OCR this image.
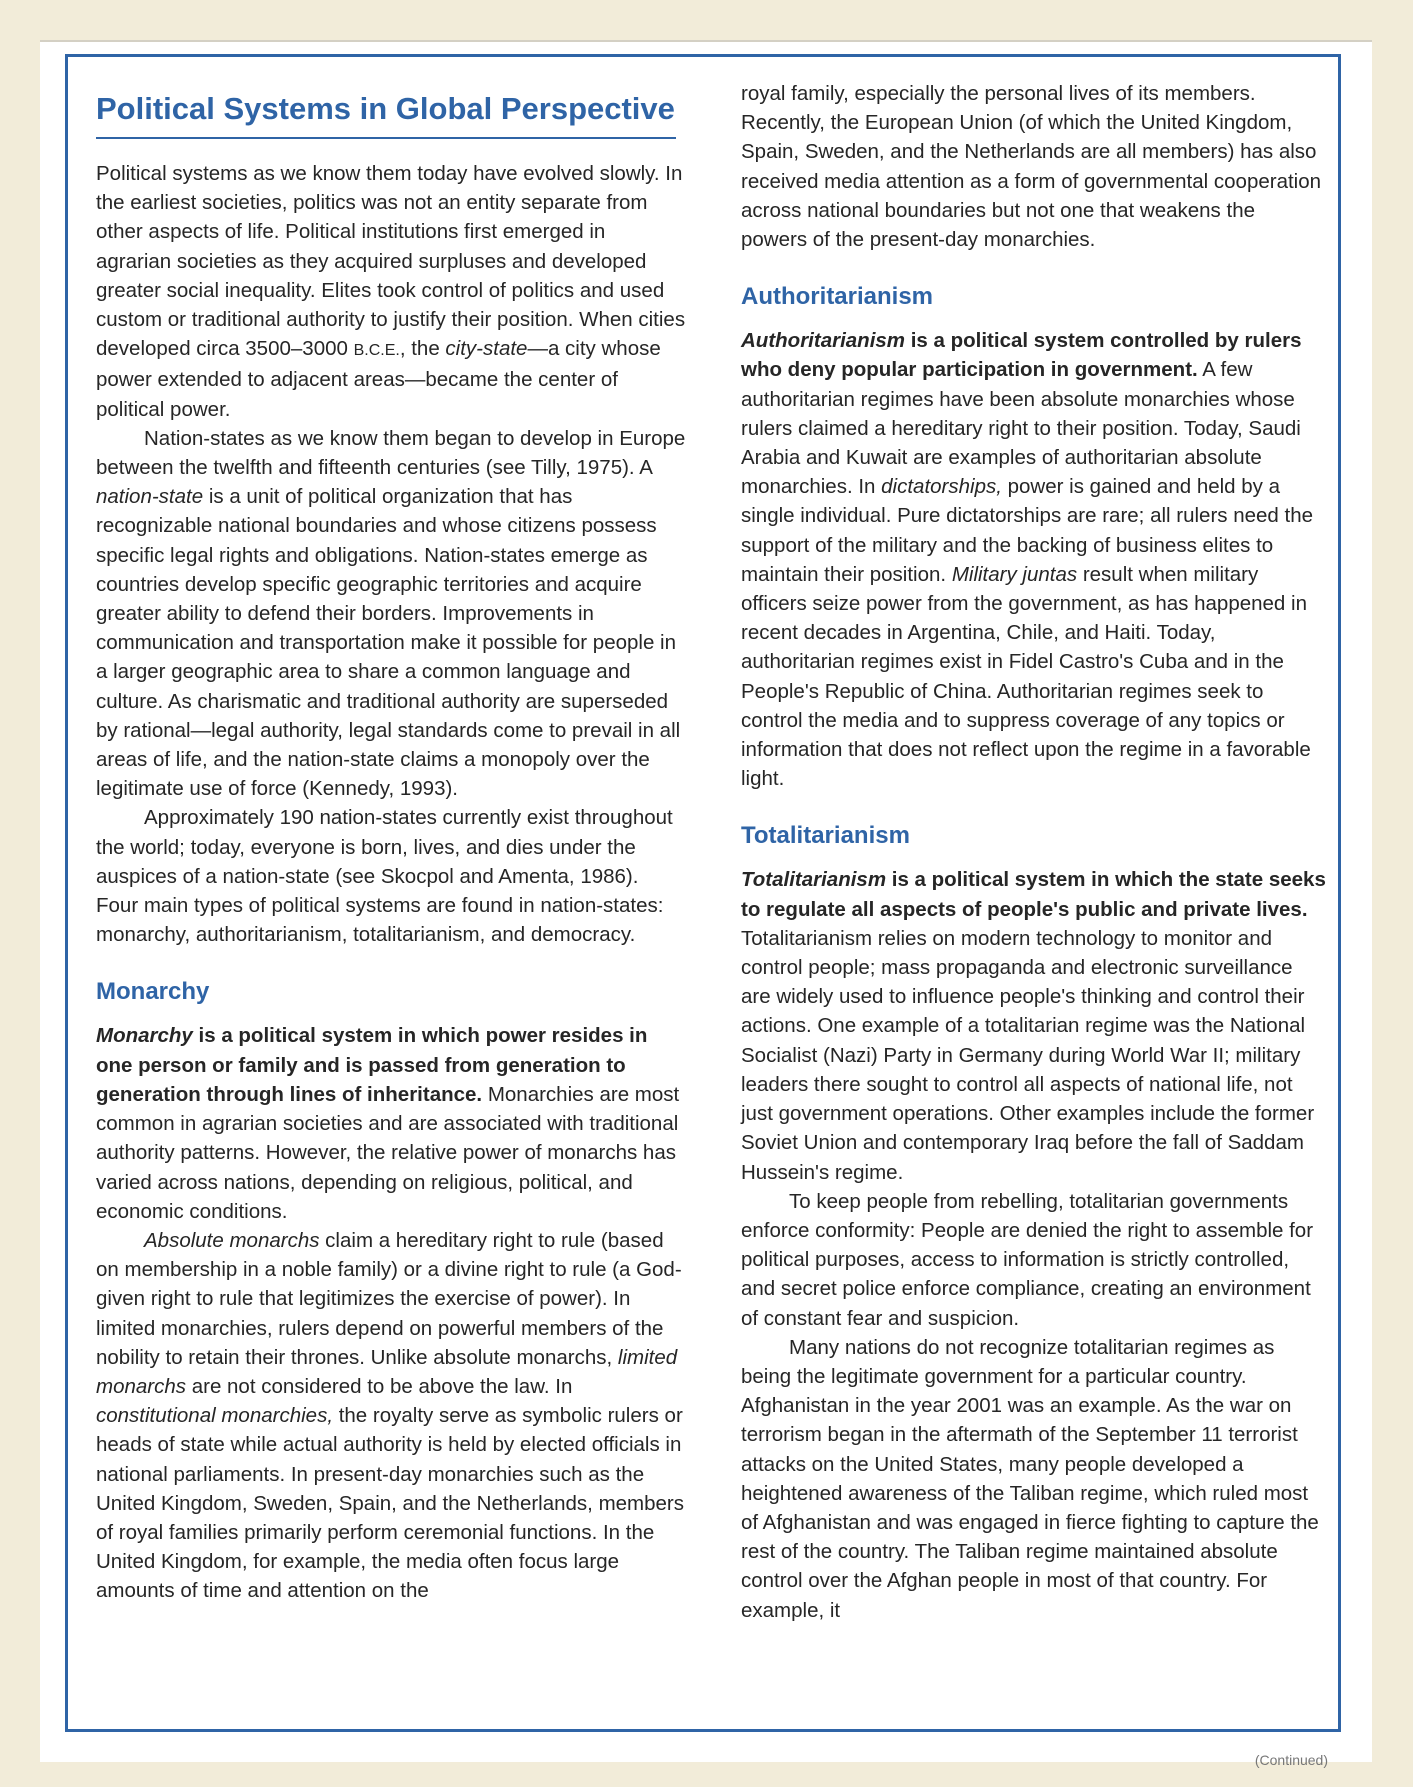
Political Systems in Global Perspective

Political systems as we know them today have evolved slowly. In the earliest societies, politics was not an entity separate from other aspects of life. Political institutions first emerged in agrarian societies as they acquired surpluses and developed greater social inequality. Elites took control of politics and used custom or traditional authority to justify their position. When cities developed circa 3500–3000 B.C.E., the city-state—a city whose power extended to adjacent areas—became the center of political power.

Nation-states as we know them began to develop in Europe between the twelfth and fifteenth centuries (see Tilly, 1975). A nation-state is a unit of political organization that has recognizable national boundaries and whose citizens possess specific legal rights and obligations. Nation-states emerge as countries develop specific geographic territories and acquire greater ability to defend their borders. Improvements in communication and transportation make it possible for people in a larger geographic area to share a common language and culture. As charismatic and traditional authority are superseded by rational—legal authority, legal standards come to prevail in all areas of life, and the nation-state claims a monopoly over the legitimate use of force (Kennedy, 1993).

Approximately 190 nation-states currently exist throughout the world; today, everyone is born, lives, and dies under the auspices of a nation-state (see Skocpol and Amenta, 1986). Four main types of political systems are found in nation-states: monarchy, authoritarianism, totalitarianism, and democracy.

Monarchy

Monarchy is a political system in which power resides in one person or family and is passed from generation to generation through lines of inheritance. Monarchies are most common in agrarian societies and are associated with traditional authority patterns. However, the relative power of monarchs has varied across nations, depending on religious, political, and economic conditions.

Absolute monarchs claim a hereditary right to rule (based on membership in a noble family) or a divine right to rule (a God-given right to rule that legitimizes the exercise of power). In limited monarchies, rulers depend on powerful members of the nobility to retain their thrones. Unlike absolute monarchs, limited monarchs are not considered to be above the law. In constitutional monarchies, the royalty serve as symbolic rulers or heads of state while actual authority is held by elected officials in national parliaments. In present-day monarchies such as the United Kingdom, Sweden, Spain, and the Netherlands, members of royal families primarily perform ceremonial functions. In the United Kingdom, for example, the media often focus large amounts of time and attention on the

royal family, especially the personal lives of its members. Recently, the European Union (of which the United Kingdom, Spain, Sweden, and the Netherlands are all members) has also received media attention as a form of governmental cooperation across national boundaries but not one that weakens the powers of the present-day monarchies.

Authoritarianism

Authoritarianism is a political system controlled by rulers who deny popular participation in government. A few authoritarian regimes have been absolute monarchies whose rulers claimed a hereditary right to their position. Today, Saudi Arabia and Kuwait are examples of authoritarian absolute monarchies. In dictatorships, power is gained and held by a single individual. Pure dictatorships are rare; all rulers need the support of the military and the backing of business elites to maintain their position. Military juntas result when military officers seize power from the government, as has happened in recent decades in Argentina, Chile, and Haiti. Today, authoritarian regimes exist in Fidel Castro's Cuba and in the People's Republic of China. Authoritarian regimes seek to control the media and to suppress coverage of any topics or information that does not reflect upon the regime in a favorable light.

Totalitarianism

Totalitarianism is a political system in which the state seeks to regulate all aspects of people's public and private lives. Totalitarianism relies on modern technology to monitor and control people; mass propaganda and electronic surveillance are widely used to influence people's thinking and control their actions. One example of a totalitarian regime was the National Socialist (Nazi) Party in Germany during World War II; military leaders there sought to control all aspects of national life, not just government operations. Other examples include the former Soviet Union and contemporary Iraq before the fall of Saddam Hussein's regime.

To keep people from rebelling, totalitarian governments enforce conformity: People are denied the right to assemble for political purposes, access to information is strictly controlled, and secret police enforce compliance, creating an environment of constant fear and suspicion.

Many nations do not recognize totalitarian regimes as being the legitimate government for a particular country. Afghanistan in the year 2001 was an example. As the war on terrorism began in the aftermath of the September 11 terrorist attacks on the United States, many people developed a heightened awareness of the Taliban regime, which ruled most of Afghanistan and was engaged in fierce fighting to capture the rest of the country. The Taliban regime maintained absolute control over the Afghan people in most of that country. For example, it

(Continued)
